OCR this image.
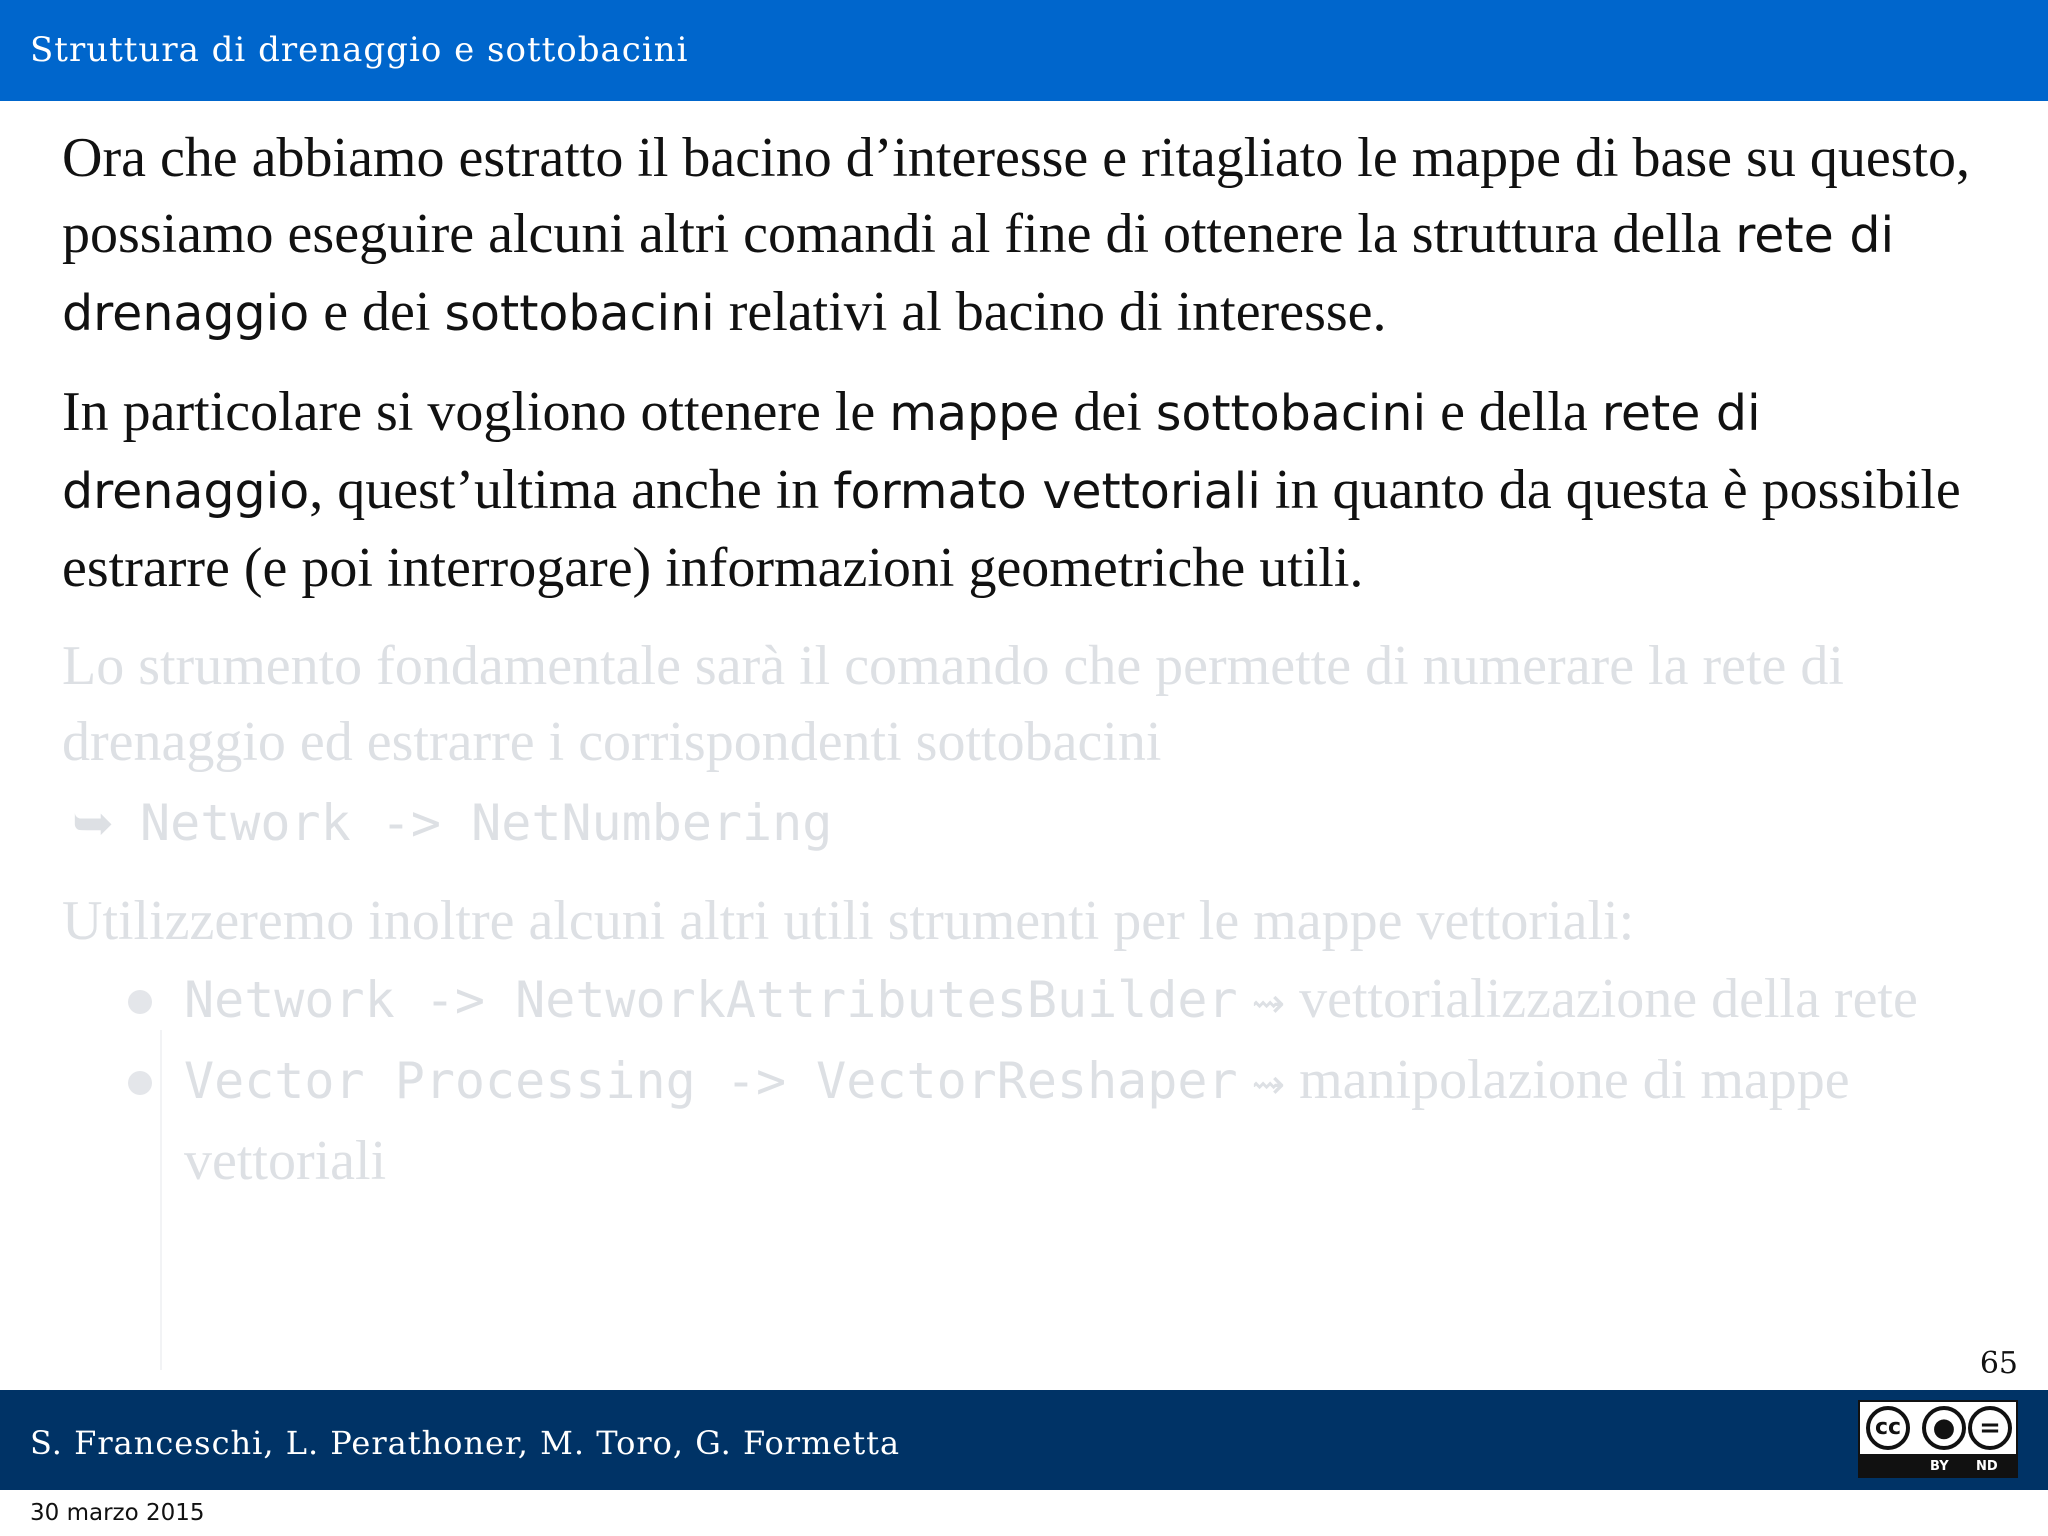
Struttura di drenaggio e sottobacini

Ora che abbiamo estratto il bacino d’interesse e ritagliato le mappe di base su questo, possiamo eseguire alcuni altri comandi al fine di ottenere la struttura della rete di drenaggio e dei sottobacini relativi al bacino di interesse.

In particolare si vogliono ottenere le mappe dei sottobacini e della rete di drenaggio, quest’ultima anche in formato vettoriali in quanto da questa è possibile estrarre (e poi interrogare) informazioni geometriche utili.

Lo strumento fondamentale sarà il comando che permette di numerare la rete di drenaggio ed estrarre i corrispondenti sottobacini

➥ Network -> NetNumbering

Utilizzeremo inoltre alcuni altri utili strumenti per le mappe vettoriali:

Network -> NetworkAttributesBuilder ⇝ vettorializzazione della rete
Vector Processing -> VectorReshaper ⇝ manipolazione di mappe vettoriali
65
S. Franceschi, L. Perathoner, M. Toro, G. Formetta	cc	● =
BY ND
30 marzo 2015
